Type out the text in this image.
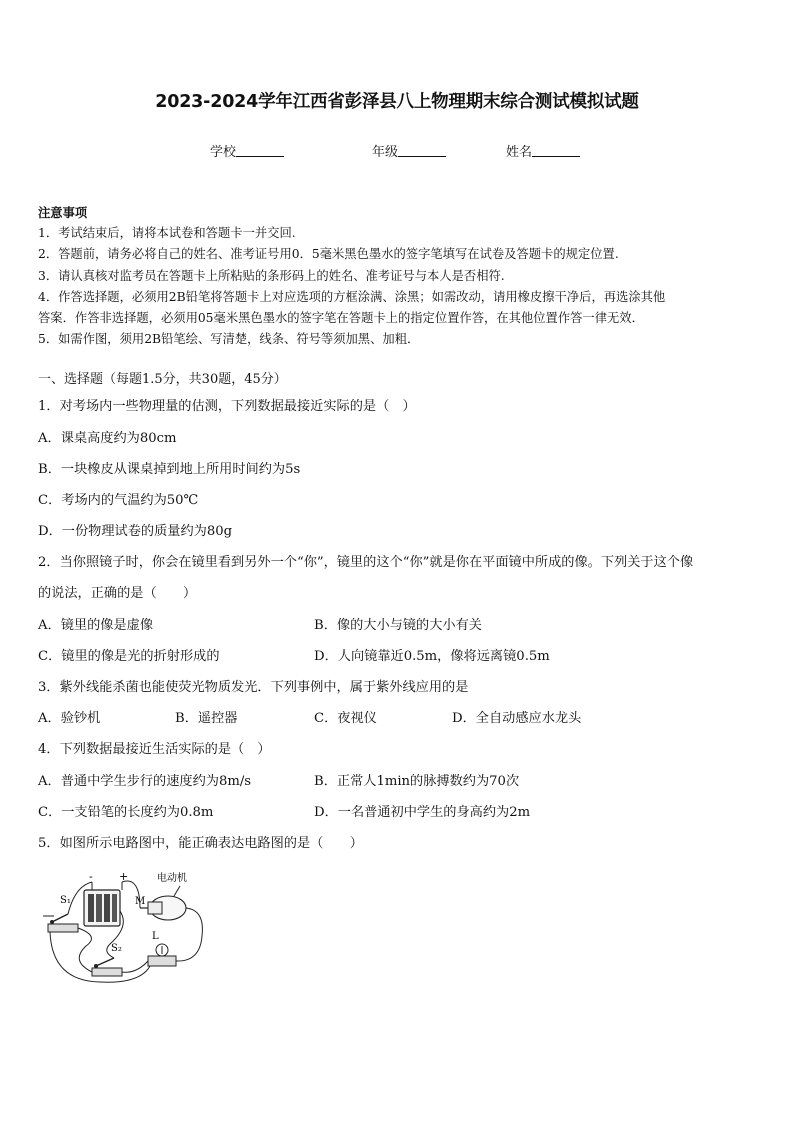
2023-2024学年江西省彭泽县八上物理期末综合测试模拟试题
学校	年级	姓名
注意事项
1．考试结束后，请将本试卷和答题卡一并交回.
2．答题前，请务必将自己的姓名、准考证号用0．5毫米黑色墨水的签字笔填写在试卷及答题卡的规定位置.
3．请认真核对监考员在答题卡上所粘贴的条形码上的姓名、准考证号与本人是否相符.
4．作答选择题，必须用2B铅笔将答题卡上对应选项的方框涂满、涂黑；如需改动，请用橡皮擦干净后，再选涂其他
答案．作答非选择题，必须用05毫米黑色墨水的签字笔在答题卡上的指定位置作答，在其他位置作答一律无效．
5．如需作图，须用2B铅笔绘、写清楚，线条、符号等须加黑、加粗．
一、选择题（每题1.5分，共30题，45分）
1．对考场内一些物理量的估测，下列数据最接近实际的是（　）
A．课桌高度约为80cm
B．一块橡皮从课桌掉到地上所用时间约为5s
C．考场内的气温约为50℃
D．一份物理试卷的质量约为80g
2．当你照镜子时，你会在镜里看到另外一个“你”，镜里的这个“你”就是你在平面镜中所成的像。下列关于这个像
的说法，正确的是（　　）
A．镜里的像是虚像	B．像的大小与镜的大小有关
C．镜里的像是光的折射形成的	D．人向镜靠近0.5m，像将远离镜0.5m
3．紫外线能杀菌也能使荧光物质发光．下列事例中，属于紫外线应用的是
A．验钞机	B．遥控器	C．夜视仪	D．全自动感应水龙头
4．下列数据最接近生活实际的是（　）
A．普通中学生步行的速度约为8m/s	B．正常人1min的脉搏数约为70次
C．一支铅笔的长度约为0.8m	D．一名普通初中学生的身高约为2m
5．如图所示电路图中，能正确表达电路图的是（　　）
- +	电动机
M
L
S₁
S₂
